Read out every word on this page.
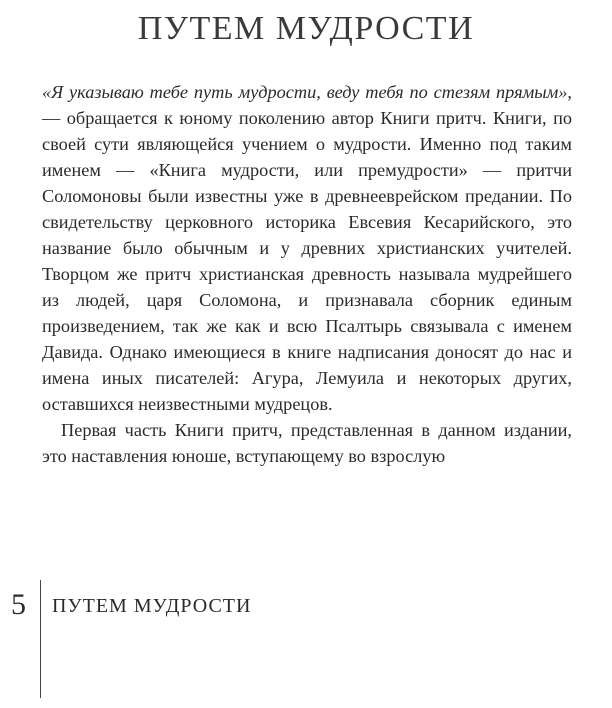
ПУТЕМ МУДРОСТИ

«Я указываю тебе путь мудрости, веду тебя по стезям прямым», — обращается к юному поколению автор Книги притч. Книги, по своей сути являющейся учением о мудрости. Именно под таким именем — «Книга мудрости, или премудрости» — притчи Соломоновы были известны уже в древнееврейском предании. По свидетельству церковного историка Евсевия Кесарийского, это название было обычным и у древних христианских учителей. Творцом же притч христианская древность называла мудрейшего из людей, царя Соломона, и признавала сборник единым произведением, так же как и всю Псалтырь связывала с именем Давида. Однако имеющиеся в книге надписания доносят до нас и имена иных писателей: Агура, Лемуила и некоторых других, оставшихся неизвестными мудрецов.

Первая часть Книги притч, представленная в данном издании, это наставления юноше, вступающему во взрослую

5 ПУТЕМ МУДРОСТИ
